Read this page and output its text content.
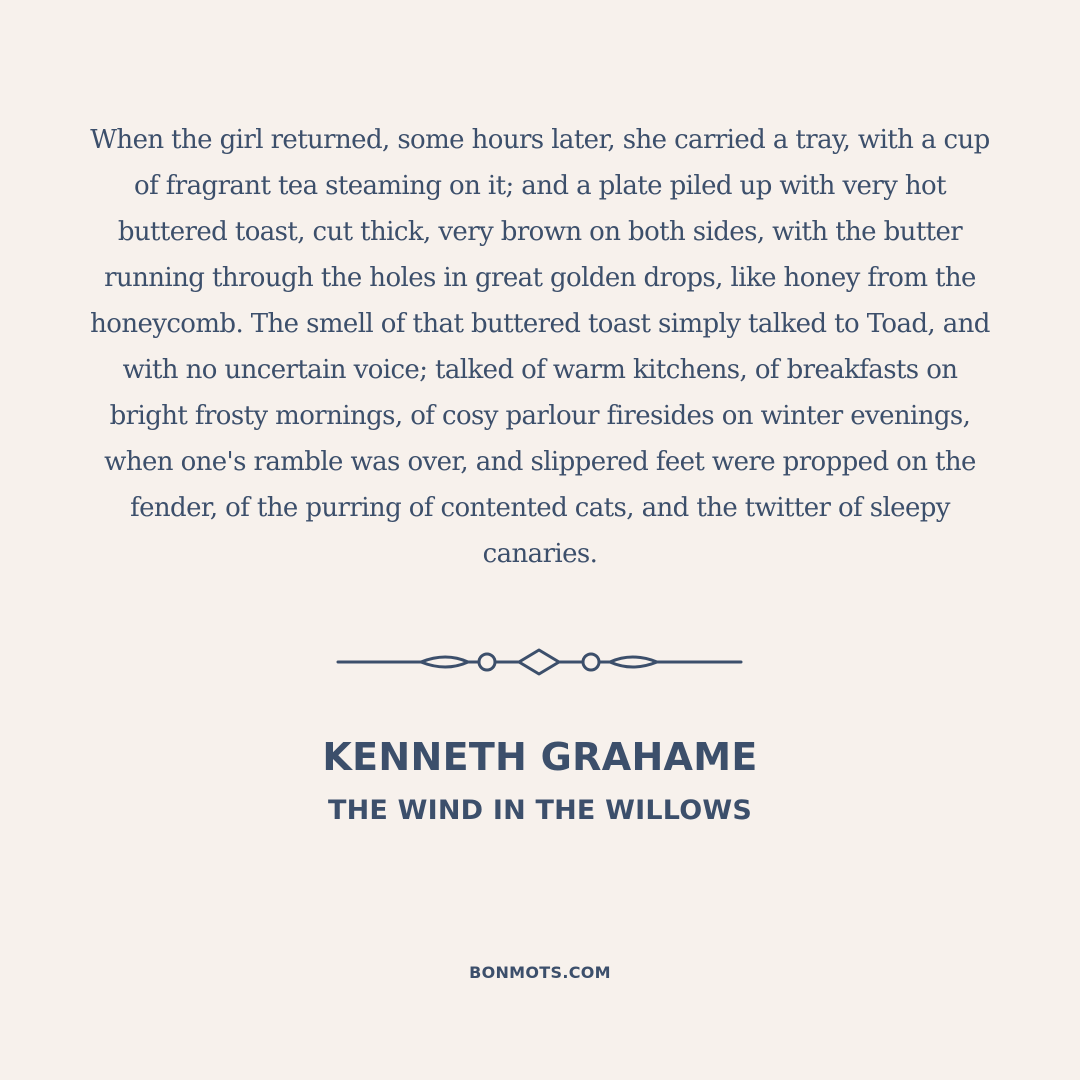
When the girl returned, some hours later, she carried a tray, with a cup of fragrant tea steaming on it; and a plate piled up with very hot buttered toast, cut thick, very brown on both sides, with the butter running through the holes in great golden drops, like honey from the honeycomb. The smell of that buttered toast simply talked to Toad, and with no uncertain voice; talked of warm kitchens, of breakfasts on bright frosty mornings, of cosy parlour firesides on winter evenings, when one's ramble was over, and slippered feet were propped on the fender, of the purring of contented cats, and the twitter of sleepy canaries.

KENNETH GRAHAME
THE WIND IN THE WILLOWS
BONMOTS.COM
